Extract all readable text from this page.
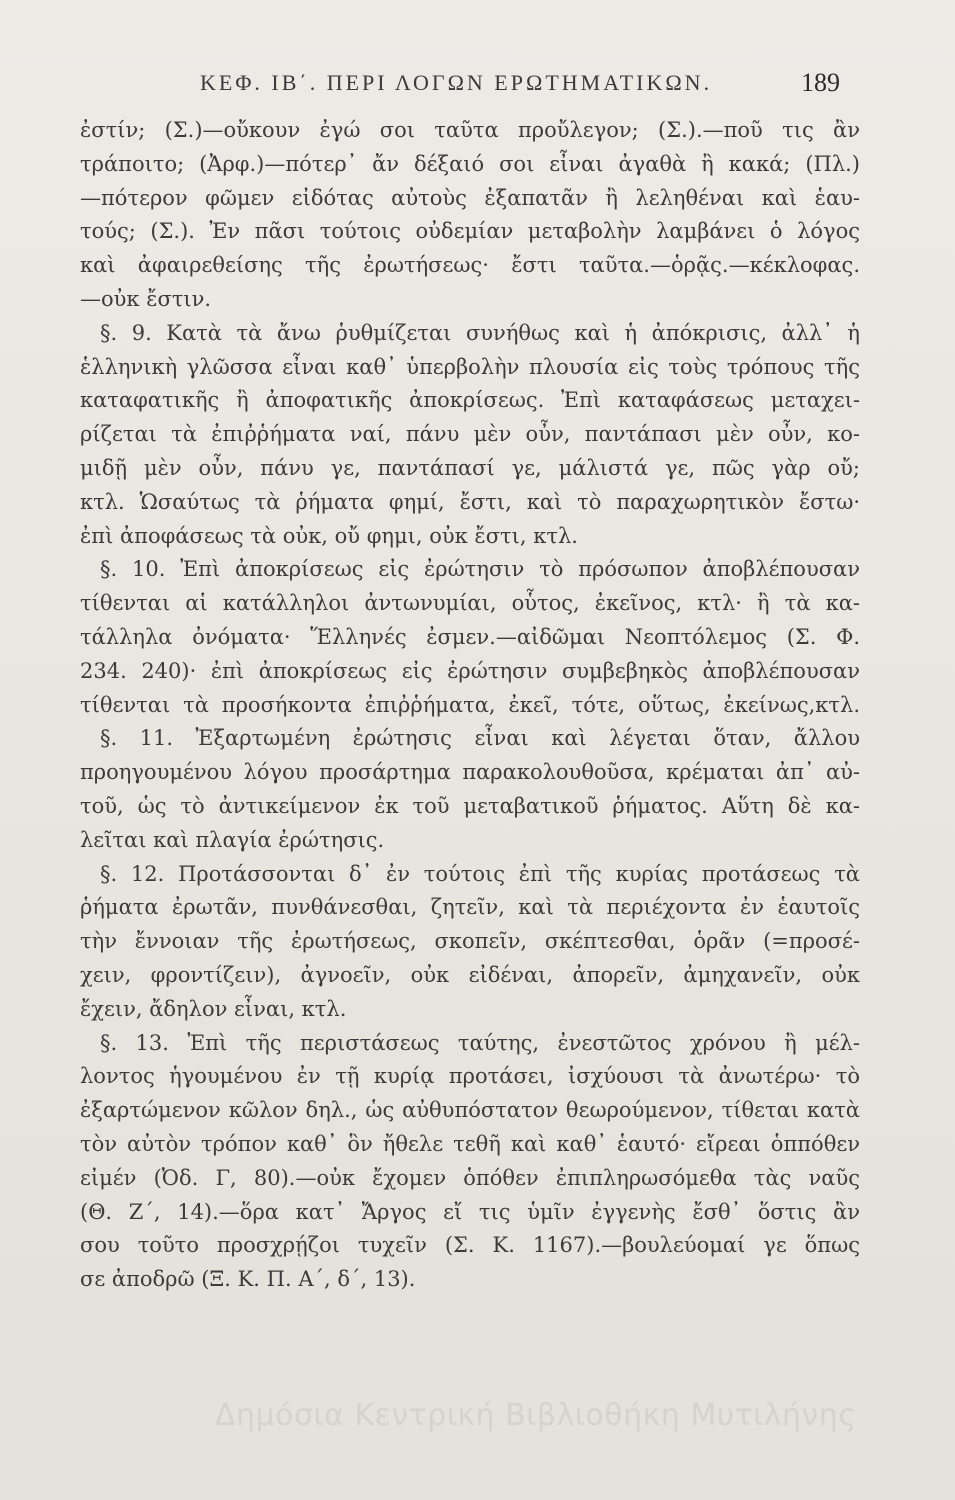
ΚΕΦ. ΙΒ΄. ΠΕΡΙ ΛΟΓΩΝ ΕΡΩΤΗΜΑΤΙΚΩΝ.	189
ἐστίν; (Σ.)—οὔκουν ἐγώ σοι ταῦτα προὔλεγον; (Σ.).—ποῦ τις ἂν
τράποιτο; (Ἀρφ.)—πότερ᾽ ἄν δέξαιό σοι εἶναι ἀγαθὰ ἢ κακά; (Πλ.)
—πότερον φῶμεν εἰδότας αὐτοὺς ἐξαπατᾶν ἢ λεληθέναι καὶ ἑαυ-
τούς; (Σ.). Ἐν πᾶσι τούτοις οὐδεμίαν μεταβολὴν λαμβάνει ὁ λόγος
καὶ ἀφαιρεθείσης τῆς ἐρωτήσεως· ἔστι ταῦτα.—ὁρᾷς.—κέκλοφας.
—οὐκ ἔστιν.
§. 9. Κατὰ τὰ ἄνω ῥυθμίζεται συνήθως καὶ ἡ ἀπόκρισις, ἀλλ᾽ ἡ
ἑλληνικὴ γλῶσσα εἶναι καθ᾽ ὑπερβολὴν πλουσία εἰς τοὺς τρόπους τῆς
καταφατικῆς ἢ ἀποφατικῆς ἀποκρίσεως. Ἐπὶ καταφάσεως μεταχει-
ρίζεται τὰ ἐπιῤῥήματα ναί, πάνυ μὲν οὖν, παντάπασι μὲν οὖν, κο-
μιδῇ μὲν οὖν, πάνυ γε, παντάπασί γε, μάλιστά γε, πῶς γὰρ οὔ;
κτλ. Ὡσαύτως τὰ ῥήματα φημί, ἔστι, καὶ τὸ παραχωρητικὸν ἔστω·
ἐπὶ ἀποφάσεως τὰ οὐκ, οὔ φημι, οὐκ ἔστι, κτλ.
§. 10. Ἐπὶ ἀποκρίσεως εἰς ἐρώτησιν τὸ πρόσωπον ἀποβλέπουσαν
τίθενται αἱ κατάλληλοι ἀντωνυμίαι, οὗτος, ἐκεῖνος, κτλ· ἢ τὰ κα-
τάλληλα ὀνόματα· Ἕλληνές ἐσμεν.—αἰδῶμαι Νεοπτόλεμος (Σ. Φ.
234. 240)· ἐπὶ ἀποκρίσεως εἰς ἐρώτησιν συμβεβηκὸς ἀποβλέπουσαν
τίθενται τὰ προσήκοντα ἐπιῤῥήματα, ἐκεῖ, τότε, οὕτως, ἐκείνως,κτλ.
§. 11. Ἐξαρτωμένη ἐρώτησις εἶναι καὶ λέγεται ὅταν, ἄλλου
προηγουμένου λόγου προσάρτημα παρακολουθοῦσα, κρέμαται ἀπ᾽ αὐ-
τοῦ, ὡς τὸ ἀντικείμενον ἐκ τοῦ μεταβατικοῦ ῥήματος. Αὕτη δὲ κα-
λεῖται καὶ πλαγία ἐρώτησις.
§. 12. Προτάσσονται δ᾽ ἐν τούτοις ἐπὶ τῆς κυρίας προτάσεως τὰ
ῥήματα ἐρωτᾶν, πυνθάνεσθαι, ζητεῖν, καὶ τὰ περιέχοντα ἐν ἑαυτοῖς
τὴν ἔννοιαν τῆς ἐρωτήσεως, σκοπεῖν, σκέπτεσθαι, ὁρᾶν (=προσέ-
χειν, φροντίζειν), ἀγνοεῖν, οὐκ εἰδέναι, ἀπορεῖν, ἀμηχανεῖν, οὐκ
ἔχειν, ἄδηλον εἶναι, κτλ.
§. 13. Ἐπὶ τῆς περιστάσεως ταύτης, ἐνεστῶτος χρόνου ἢ μέλ-
λοντος ἡγουμένου ἐν τῇ κυρίᾳ προτάσει, ἰσχύουσι τὰ ἀνωτέρω· τὸ
ἐξαρτώμενον κῶλον δηλ., ὡς αὐθυπόστατον θεωρούμενον, τίθεται κατὰ
τὸν αὐτὸν τρόπον καθ᾽ ὃν ἤθελε τεθῆ καὶ καθ᾽ ἑαυτό· εἴρεαι ὁππόθεν
εἰμέν (Ὀδ. Γ, 80).—οὐκ ἔχομεν ὁπόθεν ἐπιπληρωσόμεθα τὰς ναῦς
(Θ. Ζ΄, 14).—ὅρα κατ᾽ Ἄργος εἴ τις ὑμῖν ἐγγενὴς ἔσθ᾽ ὅστις ἂν
σου τοῦτο προσχρῄζοι τυχεῖν (Σ. Κ. 1167).—βουλεύομαί γε ὅπως
σε ἀποδρῶ (Ξ. Κ. Π. Α΄, δ΄, 13).
Δημόσια Κεντρική Βιβλιοθήκη Μυτιλήνης
